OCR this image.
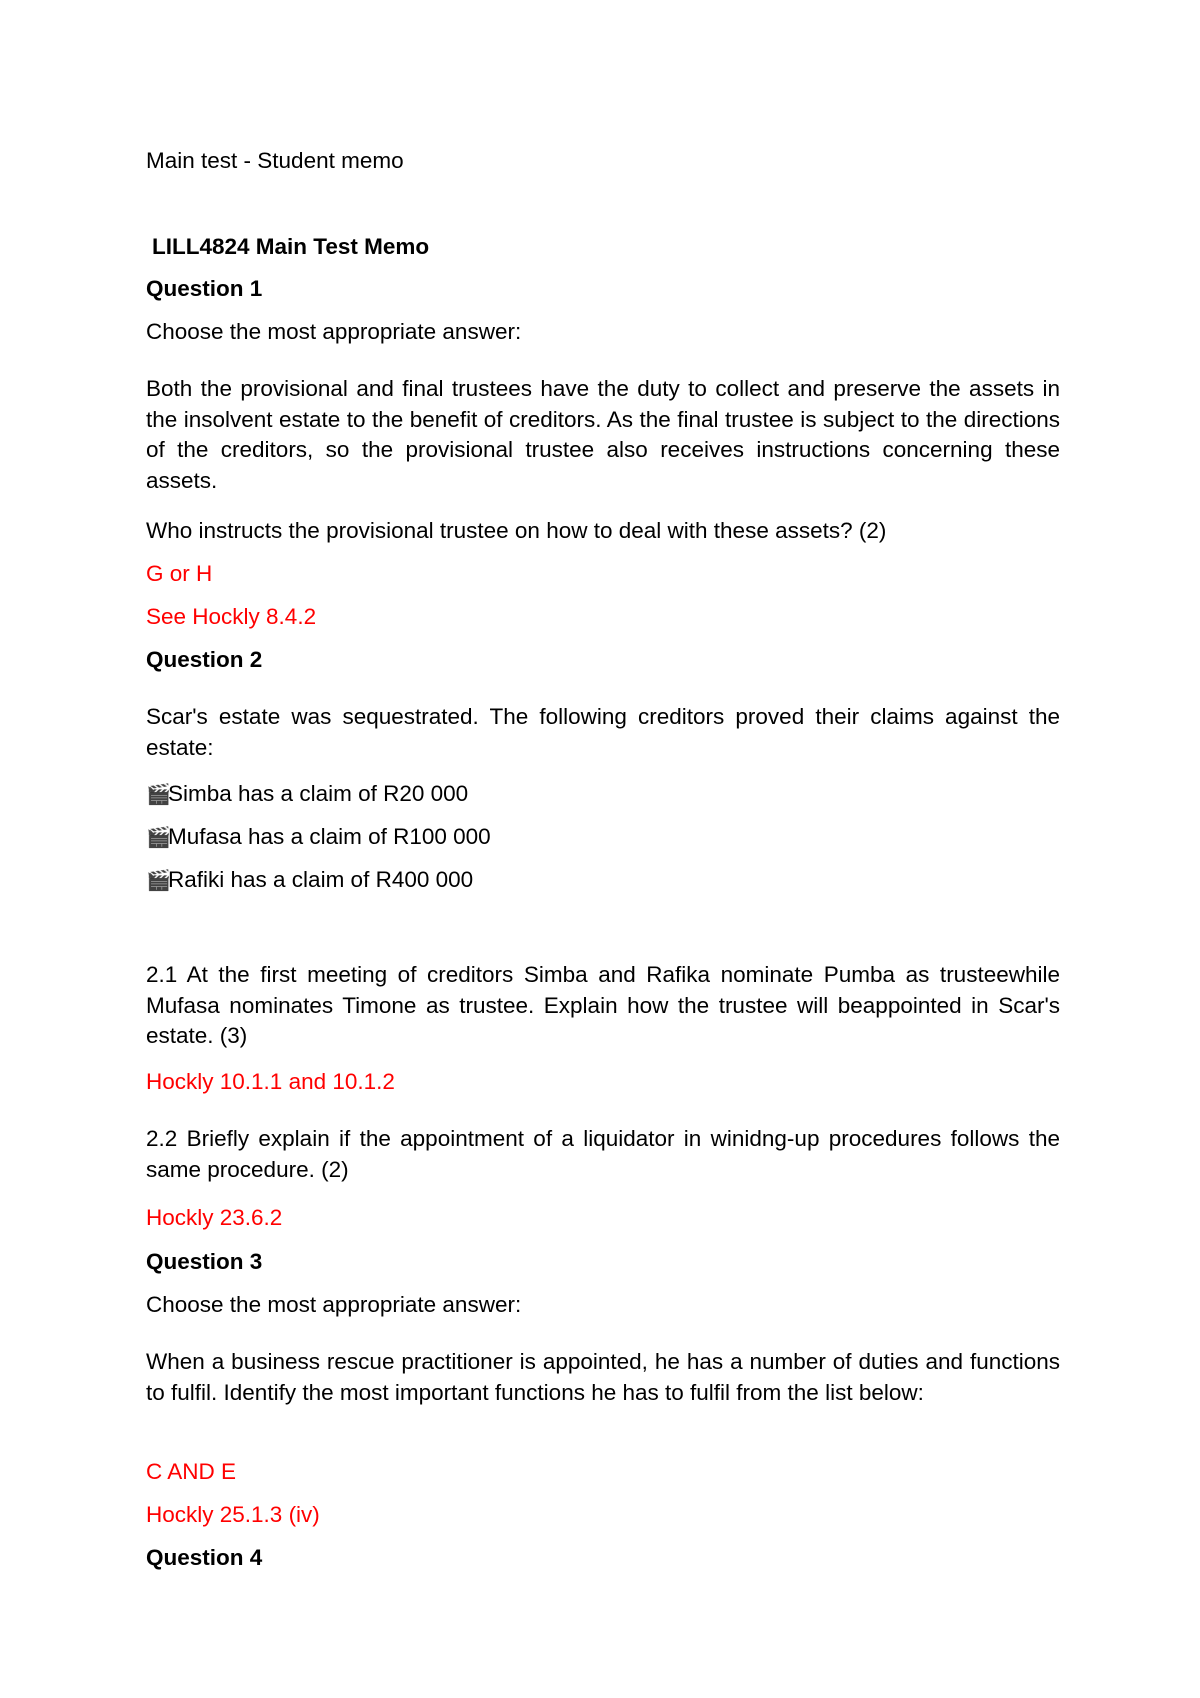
Main test - Student memo
LILL4824 Main Test Memo
Question 1
Choose the most appropriate answer:
Both the provisional and final trustees have the duty to collect and preserve the assets in the insolvent estate to the benefit of creditors. As the final trustee is subject to the directions of the creditors, so the provisional trustee also receives instructions concerning these assets.
Who instructs the provisional trustee on how to deal with these assets? (2)
G or H
See Hockly 8.4.2
Question 2
Scar's estate was sequestrated. The following creditors proved their claims against the estate:
🎬Simba has a claim of R20 000
🎬Mufasa has a claim of R100 000
🎬Rafiki has a claim of R400 000
2.1 At the first meeting of creditors Simba and Rafika nominate Pumba as trusteewhile Mufasa nominates Timone as trustee. Explain how the trustee will beappointed in Scar's estate. (3)
Hockly 10.1.1 and 10.1.2
2.2 Briefly explain if the appointment of a liquidator in winidng-up procedures follows the same procedure. (2)
Hockly 23.6.2
Question 3
Choose the most appropriate answer:
When a business rescue practitioner is appointed, he has a number of duties and functions to fulfil. Identify the most important functions he has to fulfil from the list below:
C AND E
Hockly 25.1.3 (iv)
Question 4
